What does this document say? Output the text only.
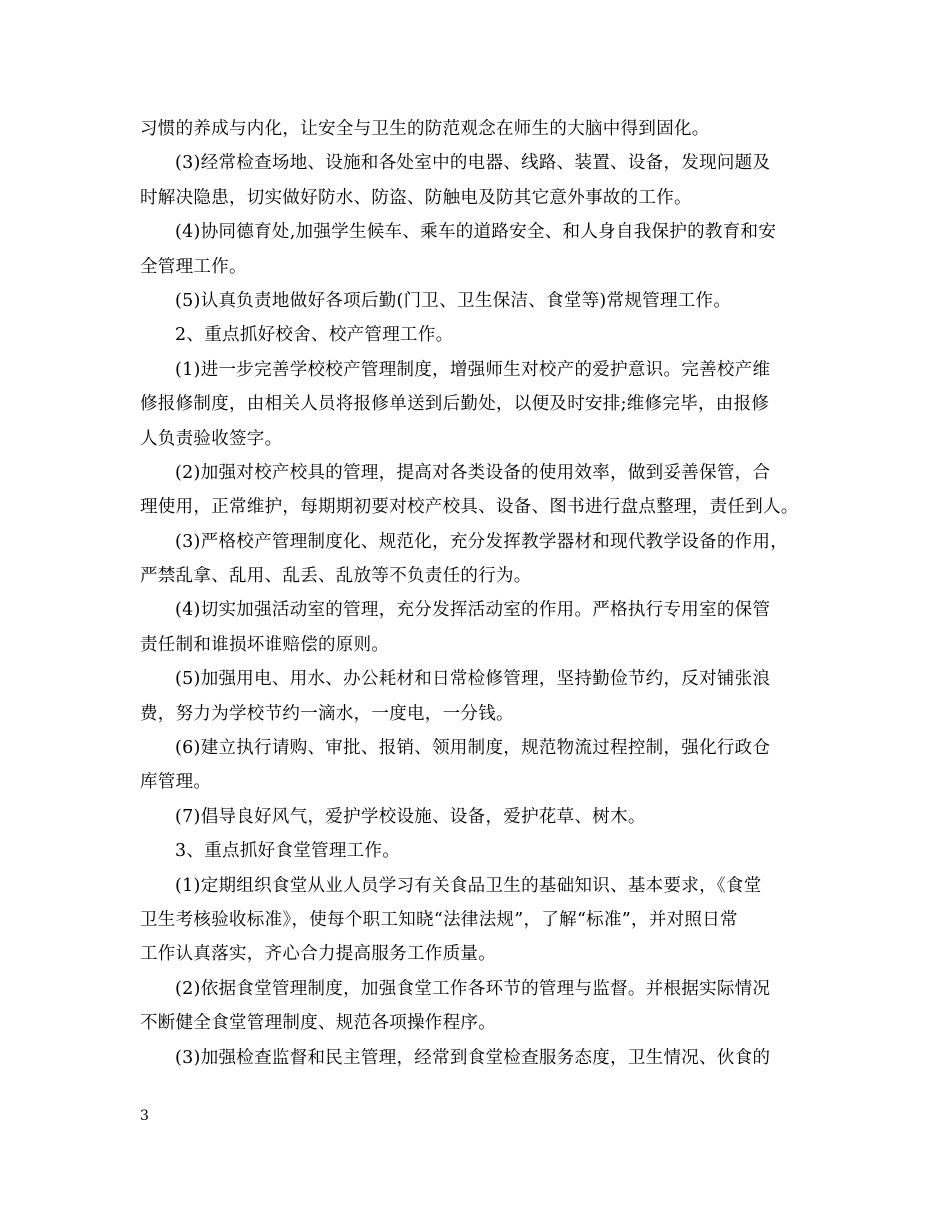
习惯的养成与内化，让安全与卫生的防范观念在师生的大脑中得到固化。

(3)经常检查场地、设施和各处室中的电器、线路、装置、设备，发现问题及
时解决隐患，切实做好防水、防盗、防触电及防其它意外事故的工作。

(4)协同德育处,加强学生候车、乘车的道路安全、和人身自我保护的教育和安
全管理工作。

(5)认真负责地做好各项后勤(门卫、卫生保洁、食堂等)常规管理工作。

2、重点抓好校舍、校产管理工作。

(1)进一步完善学校校产管理制度，增强师生对校产的爱护意识。完善校产维
修报修制度，由相关人员将报修单送到后勤处，以便及时安排;维修完毕，由报修
人负责验收签字。

(2)加强对校产校具的管理，提高对各类设备的使用效率，做到妥善保管，合
理使用，正常维护，每期期初要对校产校具、设备、图书进行盘点整理，责任到人。

(3)严格校产管理制度化、规范化，充分发挥教学器材和现代教学设备的作用，
严禁乱拿、乱用、乱丢、乱放等不负责任的行为。

(4)切实加强活动室的管理，充分发挥活动室的作用。严格执行专用室的保管
责任制和谁损坏谁赔偿的原则。

(5)加强用电、用水、办公耗材和日常检修管理，坚持勤俭节约，反对铺张浪
费，努力为学校节约一滴水，一度电，一分钱。

(6)建立执行请购、审批、报销、领用制度，规范物流过程控制，强化行政仓
库管理。

(7)倡导良好风气，爱护学校设施、设备，爱护花草、树木。

3、重点抓好食堂管理工作。

(1)定期组织食堂从业人员学习有关食品卫生的基础知识、基本要求，《食堂
卫生考核验收标准》，使每个职工知晓“法律法规”，了解“标准”，并对照日常
工作认真落实，齐心合力提高服务工作质量。

(2)依据食堂管理制度，加强食堂工作各环节的管理与监督。并根据实际情况
不断健全食堂管理制度、规范各项操作程序。

(3)加强检查监督和民主管理，经常到食堂检查服务态度，卫生情况、伙食的

3
